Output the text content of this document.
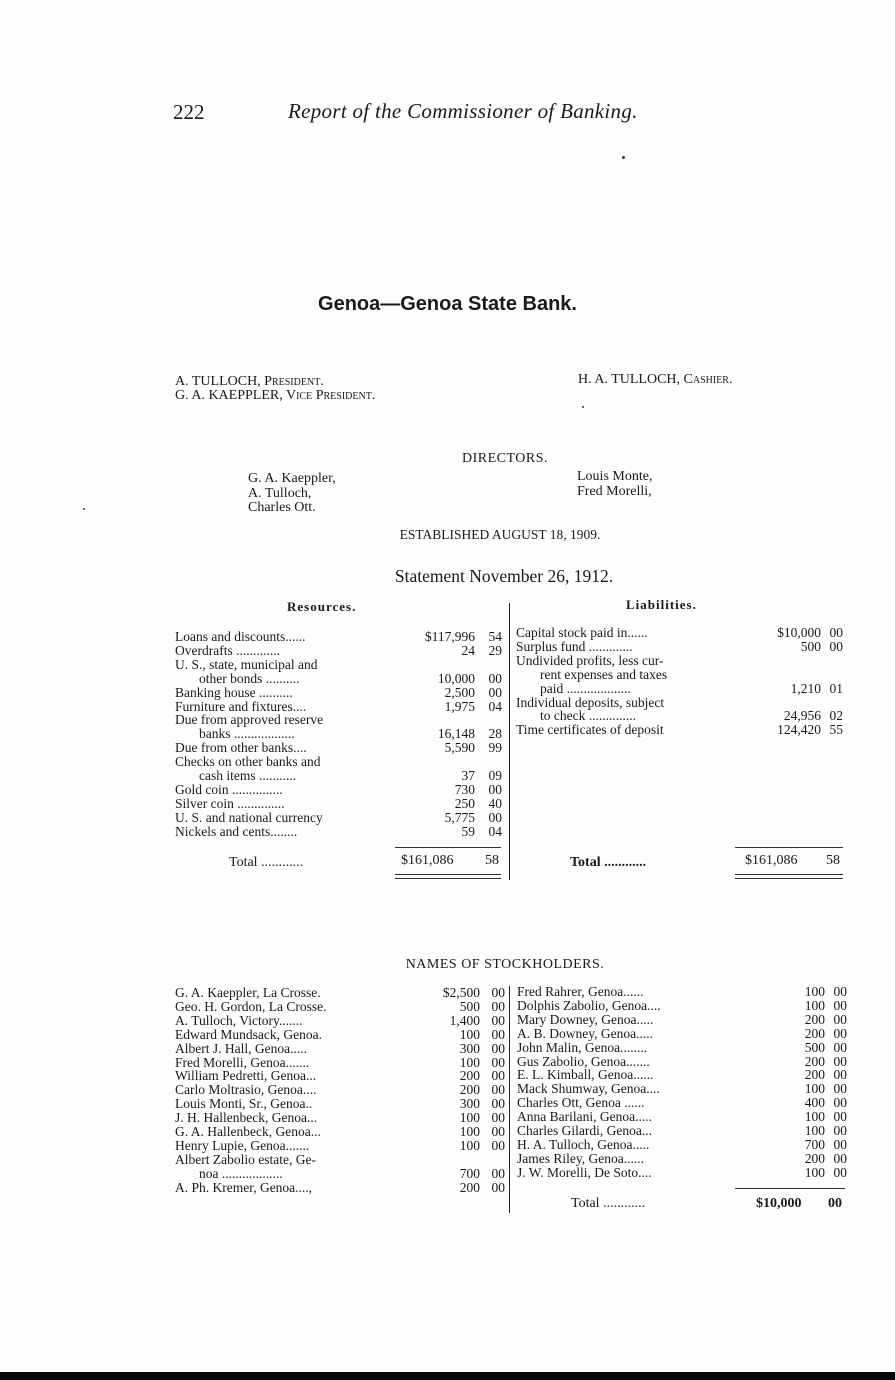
222	Report of the Commissioner of Banking.
Genoa—Genoa State Bank.
A. TULLOCH, President.
G. A. KAEPPLER, Vice President.
H. A. TULLOCH, Cashier.
DIRECTORS.
G. A. Kaeppler,
A. Tulloch,
Charles Ott.
Louis Monte,
Fred Morelli,
ESTABLISHED AUGUST 18, 1909.
Statement November 26, 1912.
Resources.	Liabilities.
Loans and discounts......	$117,996	54
Overdrafts .............	24	29
U. S., state, municipal and		
other bonds ..........	10,000	00
Banking house ..........	2,500	00
Furniture and fixtures....	1,975	04
Due from approved reserve		
banks ..................	16,148	28
Due from other banks....	5,590	99
Checks on other banks and		
cash items ...........	37	09
Gold coin ...............	730	00
Silver coin ..............	250	40
U. S. and national currency	5,775	00
Nickels and cents........	59	04
Total ............	$161,086 58
Capital stock paid in......	$10,000	00
Surplus fund .............	500	00
Undivided profits, less cur-		
rent expenses and taxes		
paid ...................	1,210	01
Individual deposits, subject		
to check ..............	24,956	02
Time certificates of deposit	124,420	55
Total ............	$161,086 58
NAMES OF STOCKHOLDERS.
G. A. Kaeppler, La Crosse.	$2,500	00
Geo. H. Gordon, La Crosse.	500	00
A. Tulloch, Victory.......	1,400	00
Edward Mundsack, Genoa.	100	00
Albert J. Hall, Genoa.....	300	00
Fred Morelli, Genoa.......	100	00
William Pedretti, Genoa...	200	00
Carlo Moltrasio, Genoa....	200	00
Louis Monti, Sr., Genoa..	300	00
J. H. Hallenbeck, Genoa...	100	00
G. A. Hallenbeck, Genoa...	100	00
Henry Lupie, Genoa.......	100	00
Albert Zabolio estate, Ge-		
noa ..................	700	00
A. Ph. Kremer, Genoa....,	200	00
Fred Rahrer, Genoa......	100	00
Dolphis Zabolio, Genoa....	100	00
Mary Downey, Genoa.....	200	00
A. B. Downey, Genoa.....	200	00
John Malin, Genoa........	500	00
Gus Zabolio, Genoa.......	200	00
E. L. Kimball, Genoa......	200	00
Mack Shumway, Genoa....	100	00
Charles Ott, Genoa ......	400	00
Anna Barilani, Genoa.....	100	00
Charles Gilardi, Genoa...	100	00
H. A. Tulloch, Genoa.....	700	00
James Riley, Genoa......	200	00
J. W. Morelli, De Soto....	100	00
Total ............	$10,000 00
